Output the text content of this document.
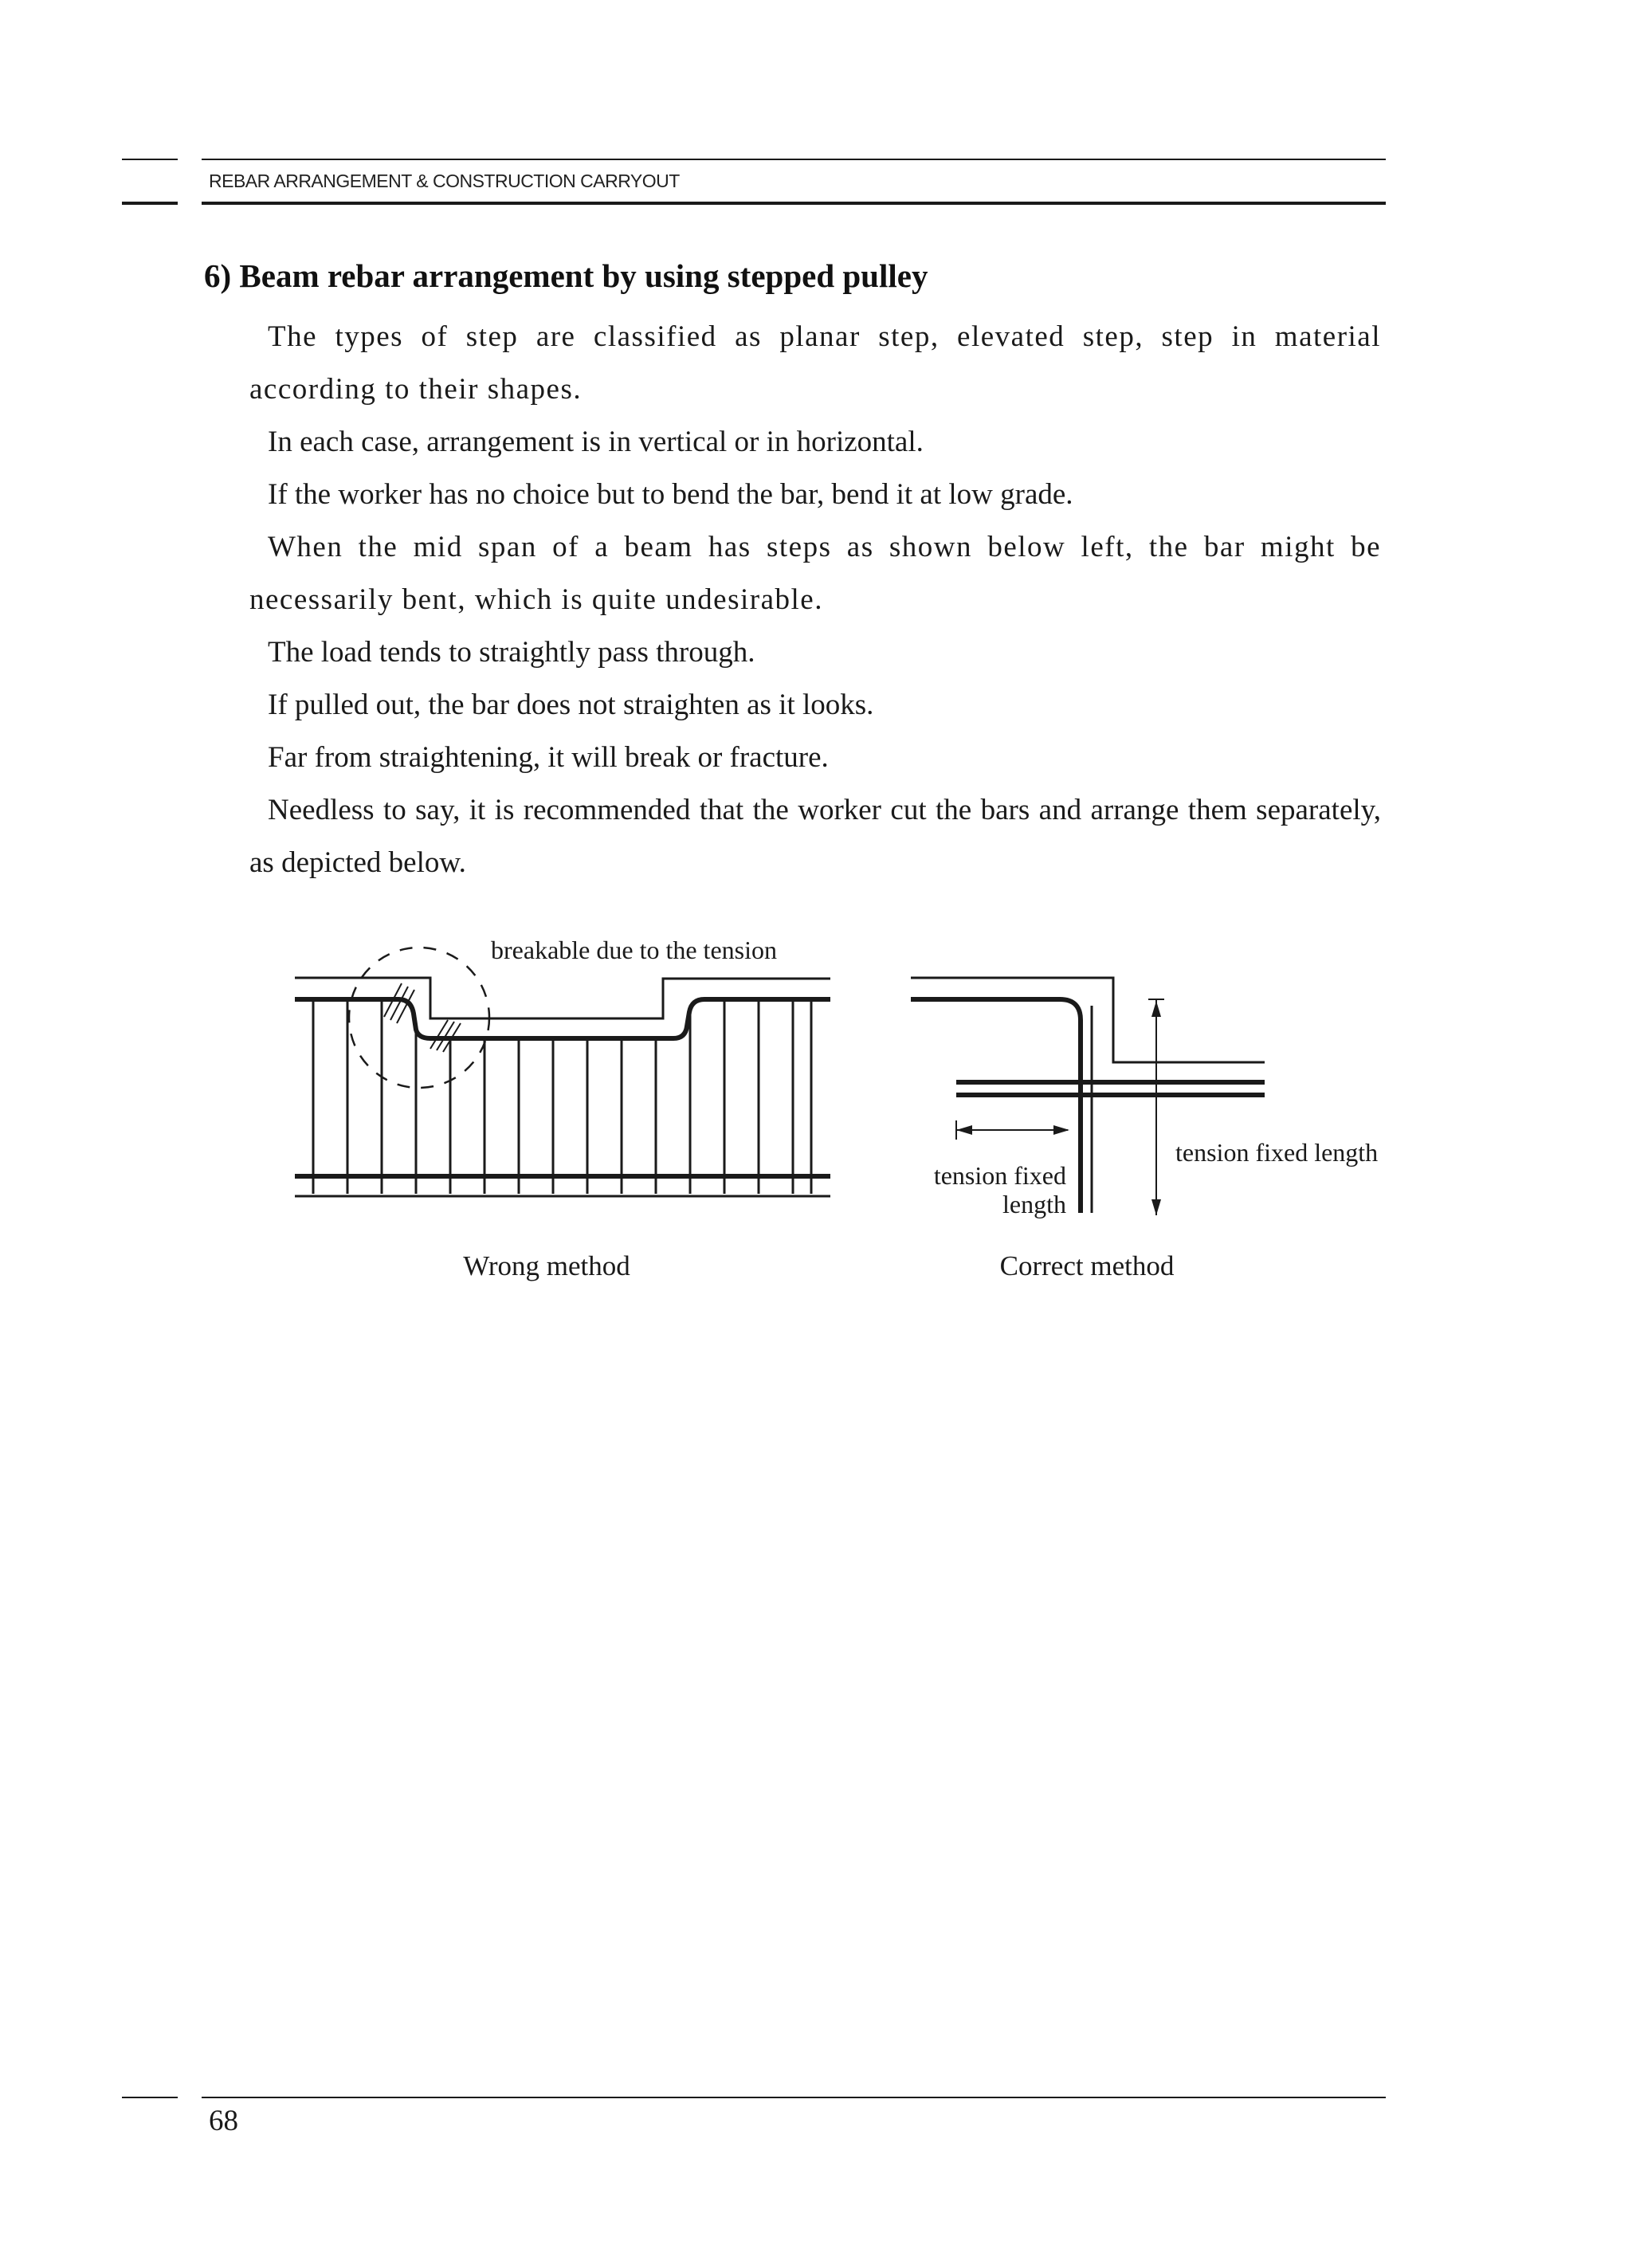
REBAR ARRANGEMENT & CONSTRUCTION CARRYOUT
6) Beam rebar arrangement by using stepped pulley

The types of step are classified as planar step, elevated step, step in material according to their shapes.

In each case, arrangement is in vertical or in horizontal.

If the worker has no choice but to bend the bar, bend it at low grade.

When the mid span of a beam has steps as shown below left, the bar might be necessarily bent, which is quite undesirable.

The load tends to straightly pass through.

If pulled out, the bar does not straighten as it looks.

Far from straightening, it will break or fracture.

Needless to say, it is recommended that the worker cut the bars and arrange them separately, as depicted below.

breakable due to the tension
Wrong method
tension fixed
length
tension fixed length
Correct method
68
